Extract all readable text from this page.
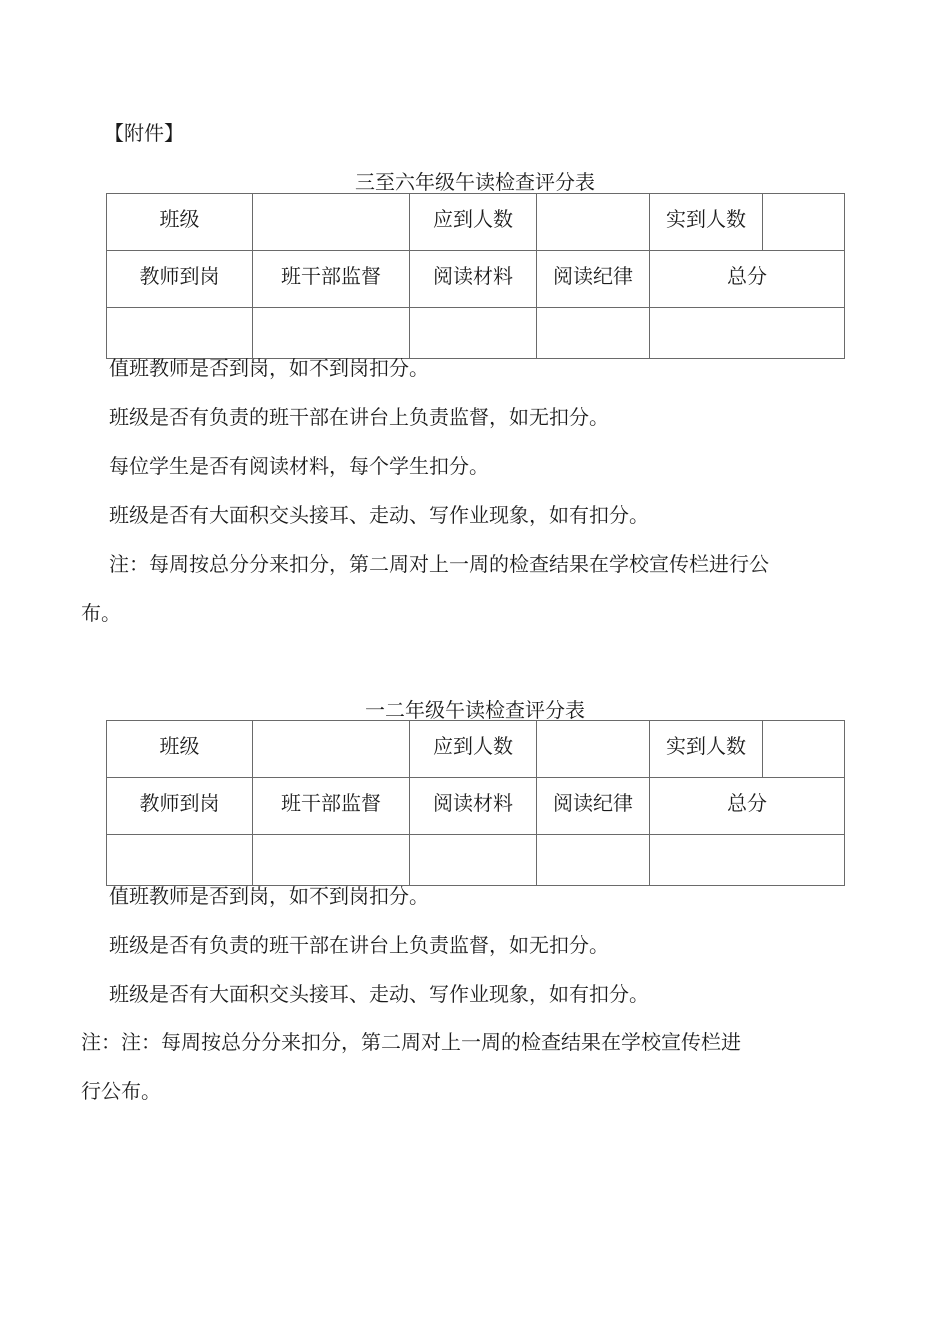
【附件】
三至六年级午读检查评分表
班级		应到人数		实到人数	
教师到岗	班干部监督	阅读材料	阅读纪律	总分	

值班教师是否到岗，如不到岗扣分。
班级是否有负责的班干部在讲台上负责监督，如无扣分。
每位学生是否有阅读材料，每个学生扣分。
班级是否有大面积交头接耳、走动、写作业现象，如有扣分。
注：每周按总分分来扣分，第二周对上一周的检查结果在学校宣传栏进行公
布。
一二年级午读检查评分表
班级		应到人数		实到人数	
教师到岗	班干部监督	阅读材料	阅读纪律	总分	

值班教师是否到岗，如不到岗扣分。
班级是否有负责的班干部在讲台上负责监督，如无扣分。
班级是否有大面积交头接耳、走动、写作业现象，如有扣分。
注：注：每周按总分分来扣分，第二周对上一周的检查结果在学校宣传栏进
行公布。
